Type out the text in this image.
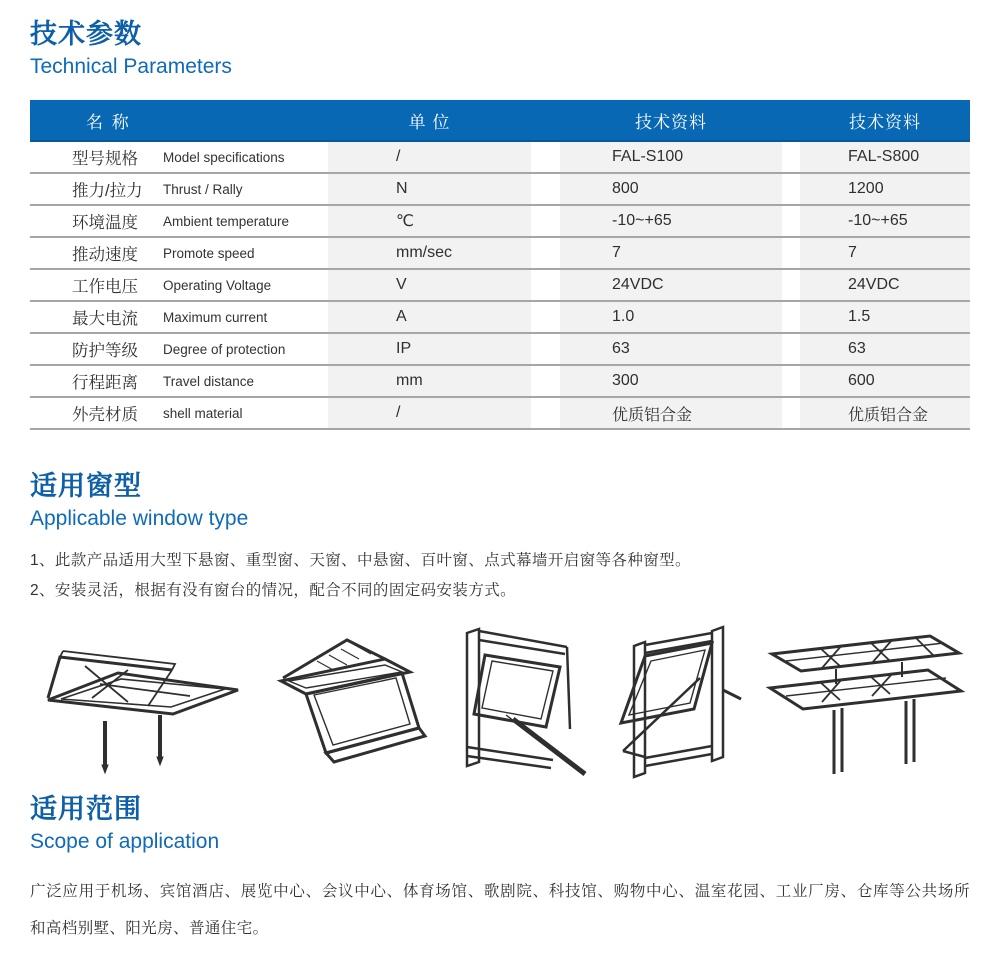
技术参数
Technical Parameters
名 称	单 位	技术资料	技术资料
型号规格	Model specifications	/	FAL-S100	FAL-S800
推力/拉力	Thrust / Rally	N	800	1200
环境温度	Ambient temperature	℃	-10~+65	-10~+65
推动速度	Promote speed	mm/sec	7	7
工作电压	Operating Voltage	V	24VDC	24VDC
最大电流	Maximum current	A	1.0	1.5
防护等级	Degree of protection	IP	63	63
行程距离	Travel distance	mm	300	600
外壳材质	shell material	/	优质铝合金	优质铝合金
适用窗型
Applicable window type
1、此款产品适用大型下悬窗、重型窗、天窗、中悬窗、百叶窗、点式幕墙开启窗等各种窗型。
2、安装灵活，根据有没有窗台的情况，配合不同的固定码安装方式。
适用范围
Scope of application
广泛应用于机场、宾馆酒店、展览中心、会议中心、体育场馆、歌剧院、科技馆、购物中心、温室花园、工业厂房、仓库等公共场所
和高档别墅、阳光房、普通住宅。
